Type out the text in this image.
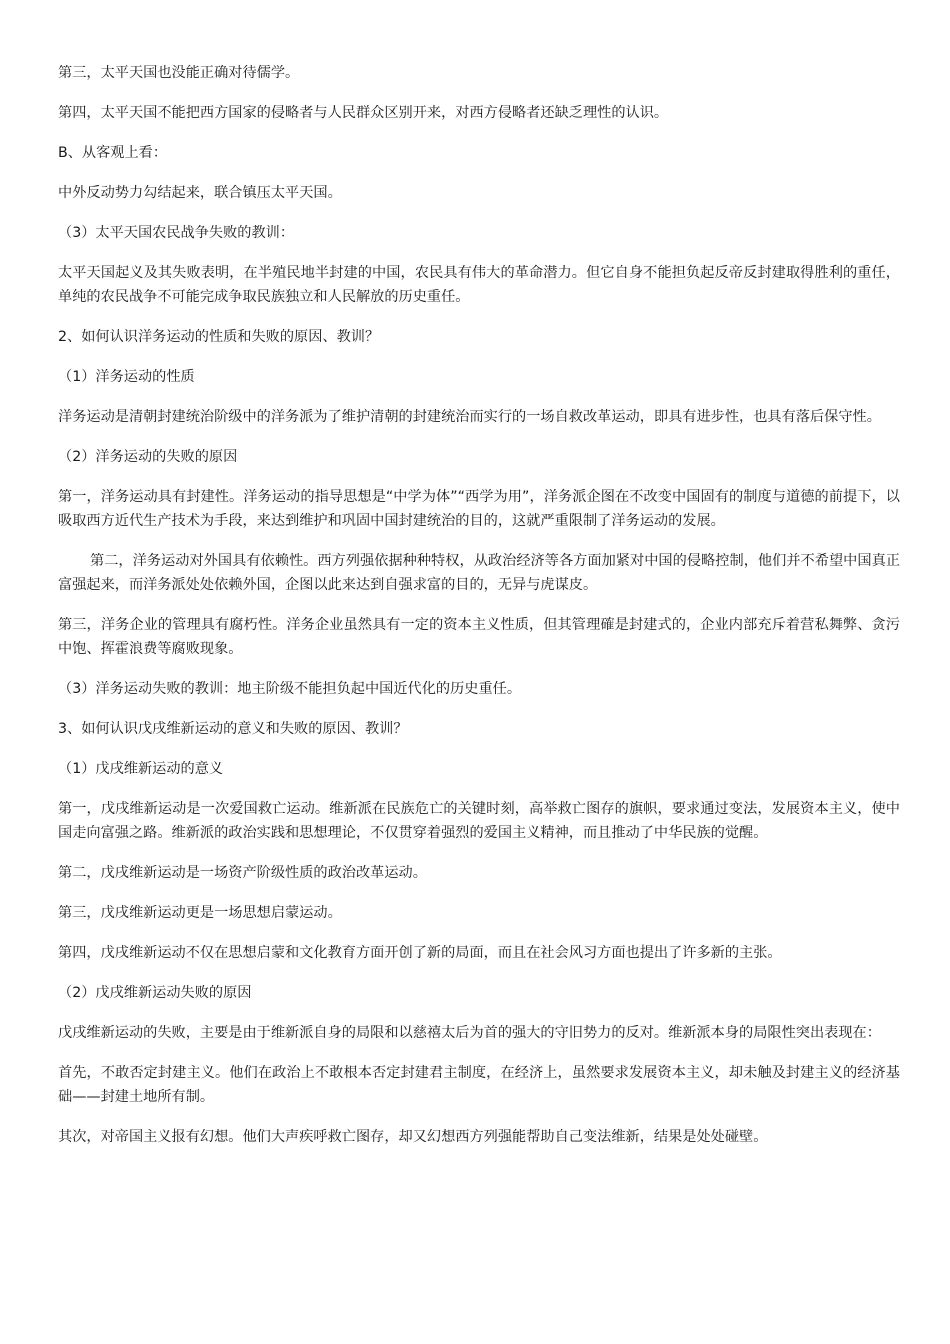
第三，太平天国也没能正确对待儒学。

第四，太平天国不能把西方国家的侵略者与人民群众区别开来，对西方侵略者还缺乏理性的认识。

B、从客观上看：

中外反动势力勾结起来，联合镇压太平天国。

（3）太平天国农民战争失败的教训：

太平天国起义及其失败表明，在半殖民地半封建的中国，农民具有伟大的革命潜力。但它自身不能担负起反帝反封建取得胜利的重任，单纯的农民战争不可能完成争取民族独立和人民解放的历史重任。

2、如何认识洋务运动的性质和失败的原因、教训？

（1）洋务运动的性质

洋务运动是清朝封建统治阶级中的洋务派为了维护清朝的封建统治而实行的一场自救改革运动，即具有进步性，也具有落后保守性。

（2）洋务运动的失败的原因

第一，洋务运动具有封建性。洋务运动的指导思想是“中学为体”“西学为用”，洋务派企图在不改变中国固有的制度与道德的前提下，以吸取西方近代生产技术为手段，来达到维护和巩固中国封建统治的目的，这就严重限制了洋务运动的发展。

第二，洋务运动对外国具有依赖性。西方列强依据种种特权，从政治经济等各方面加紧对中国的侵略控制，他们并不希望中国真正富强起来，而洋务派处处依赖外国，企图以此来达到自强求富的目的，无异与虎谋皮。

第三，洋务企业的管理具有腐朽性。洋务企业虽然具有一定的资本主义性质，但其管理確是封建式的，企业内部充斥着营私舞弊、贪污中饱、挥霍浪费等腐败现象。

（3）洋务运动失败的教训：地主阶级不能担负起中国近代化的历史重任。

3、如何认识戊戌维新运动的意义和失败的原因、教训？

（1）戊戌维新运动的意义

第一，戊戌维新运动是一次爱国救亡运动。维新派在民族危亡的关键时刻，高举救亡图存的旗帜，要求通过变法，发展资本主义，使中国走向富强之路。维新派的政治实践和思想理论，不仅贯穿着强烈的爱国主义精神，而且推动了中华民族的觉醒。

第二，戊戌维新运动是一场资产阶级性质的政治改革运动。

第三，戊戌维新运动更是一场思想启蒙运动。

第四，戊戌维新运动不仅在思想启蒙和文化教育方面开创了新的局面，而且在社会风习方面也提出了许多新的主张。

（2）戊戌维新运动失败的原因

戊戌维新运动的失败，主要是由于维新派自身的局限和以慈禧太后为首的强大的守旧势力的反对。维新派本身的局限性突出表现在：

首先，不敢否定封建主义。他们在政治上不敢根本否定封建君主制度，在经济上，虽然要求发展资本主义，却未触及封建主义的经济基础——封建土地所有制。

其次，对帝国主义报有幻想。他们大声疾呼救亡图存，却又幻想西方列强能帮助自己变法维新，结果是处处碰壁。
